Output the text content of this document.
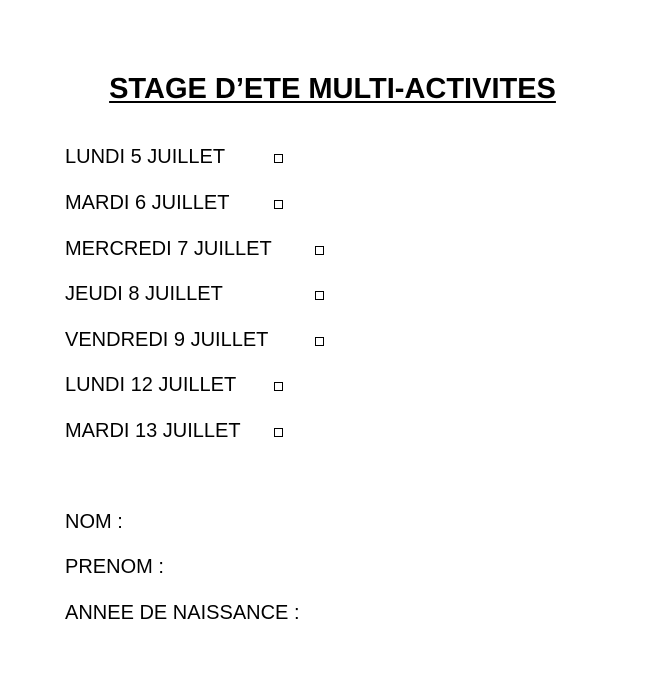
STAGE D’ETE MULTI-ACTIVITES
LUNDI 5 JUILLET
MARDI 6 JUILLET
MERCREDI 7 JUILLET
JEUDI 8 JUILLET
VENDREDI 9 JUILLET
LUNDI 12 JUILLET
MARDI 13 JUILLET
NOM :
PRENOM :
ANNEE DE NAISSANCE :
